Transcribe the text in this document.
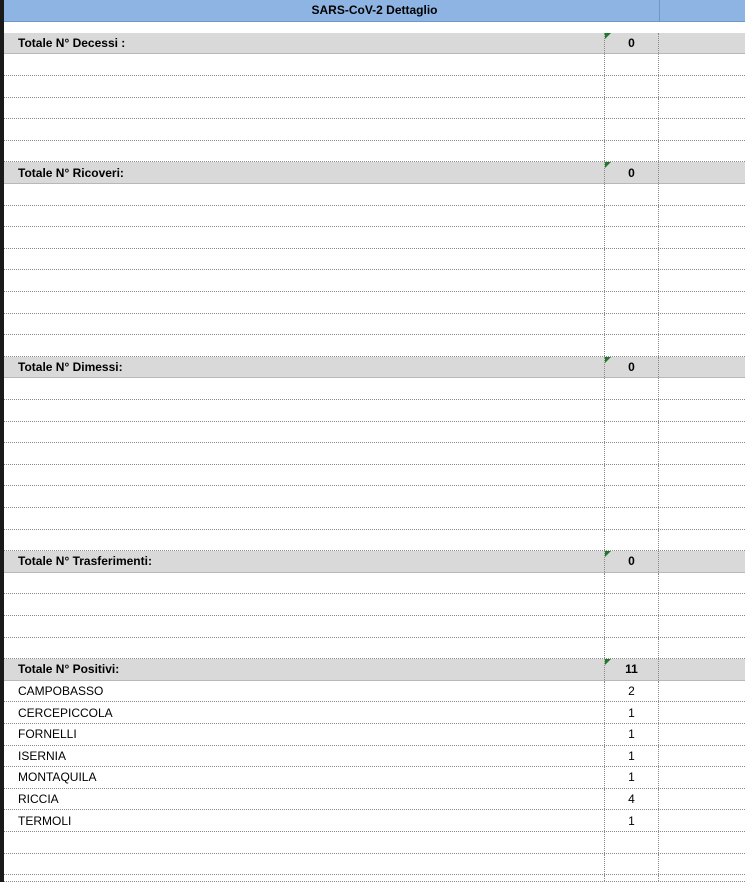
SARS-CoV-2 Dettaglio
Totale N° Decessi :	0
Totale N° Ricoveri:	0
Totale N° Dimessi:	0
Totale N° Trasferimenti:	0
Totale N° Positivi:	11
CAMPOBASSO	2
CERCEPICCOLA	1
FORNELLI	1
ISERNIA	1
MONTAQUILA	1
RICCIA	4
TERMOLI	1
